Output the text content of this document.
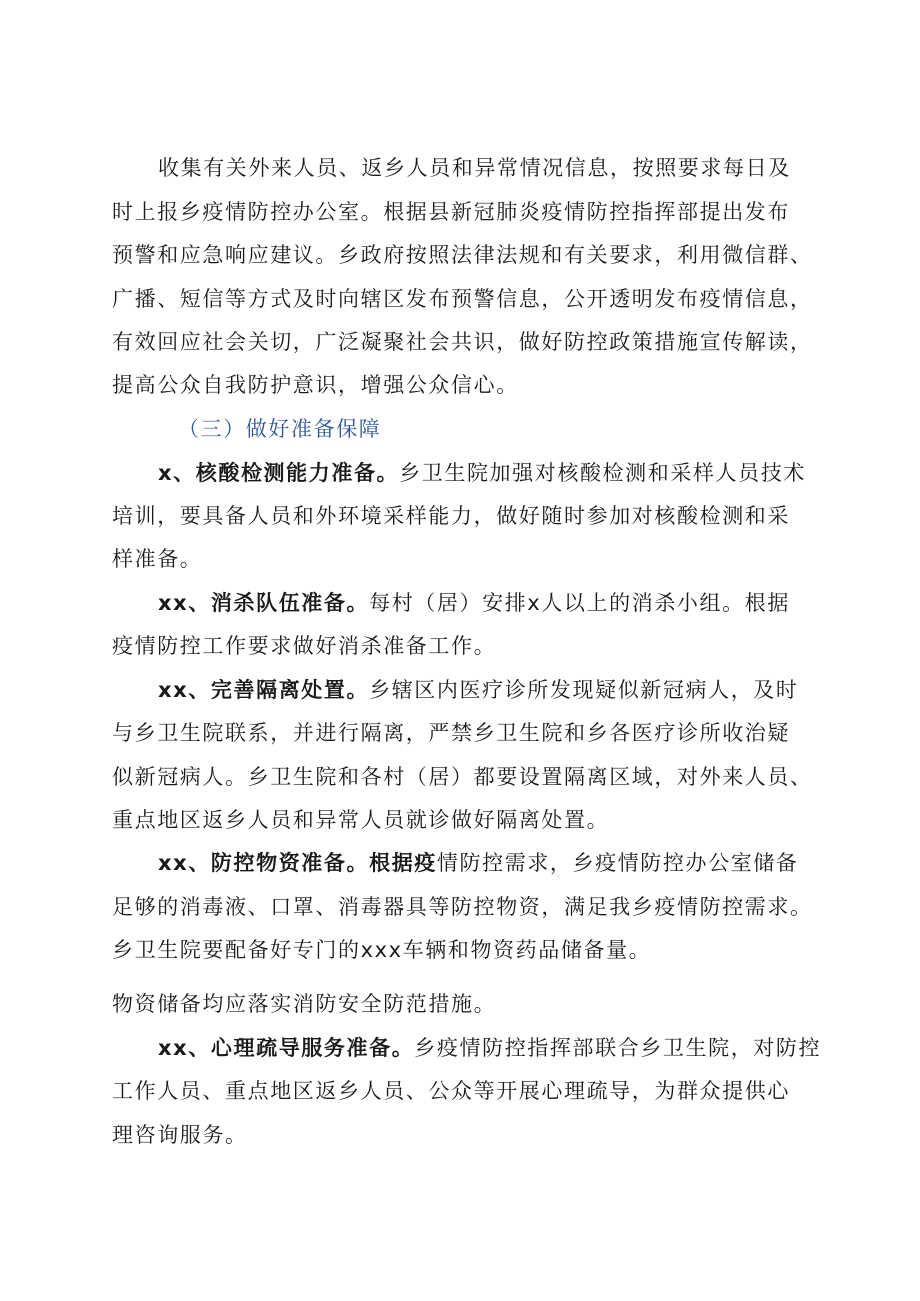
收集有关外来人员、返乡人员和异常情况信息，按照要求每日及
时上报乡疫情防控办公室。根据县新冠肺炎疫情防控指挥部提出发布
预警和应急响应建议。乡政府按照法律法规和有关要求，利用微信群、
广播、短信等方式及时向辖区发布预警信息，公开透明发布疫情信息，
有效回应社会关切，广泛凝聚社会共识，做好防控政策措施宣传解读，
提高公众自我防护意识，增强公众信心。
（三）做好准备保障
x、核酸检测能力准备。乡卫生院加强对核酸检测和采样人员技术
培训，要具备人员和外环境采样能力，做好随时参加对核酸检测和采
样准备。
xx、消杀队伍准备。每村（居）安排x人以上的消杀小组。根据
疫情防控工作要求做好消杀准备工作。
xx、完善隔离处置。乡辖区内医疗诊所发现疑似新冠病人，及时
与乡卫生院联系，并进行隔离，严禁乡卫生院和乡各医疗诊所收治疑
似新冠病人。乡卫生院和各村（居）都要设置隔离区域，对外来人员、
重点地区返乡人员和异常人员就诊做好隔离处置。
xx、防控物资准备。根据疫情防控需求，乡疫情防控办公室储备
足够的消毒液、口罩、消毒器具等防控物资，满足我乡疫情防控需求。
乡卫生院要配备好专门的xxx车辆和物资药品储备量。
物资储备均应落实消防安全防范措施。
xx、心理疏导服务准备。乡疫情防控指挥部联合乡卫生院，对防控
工作人员、重点地区返乡人员、公众等开展心理疏导，为群众提供心
理咨询服务。
